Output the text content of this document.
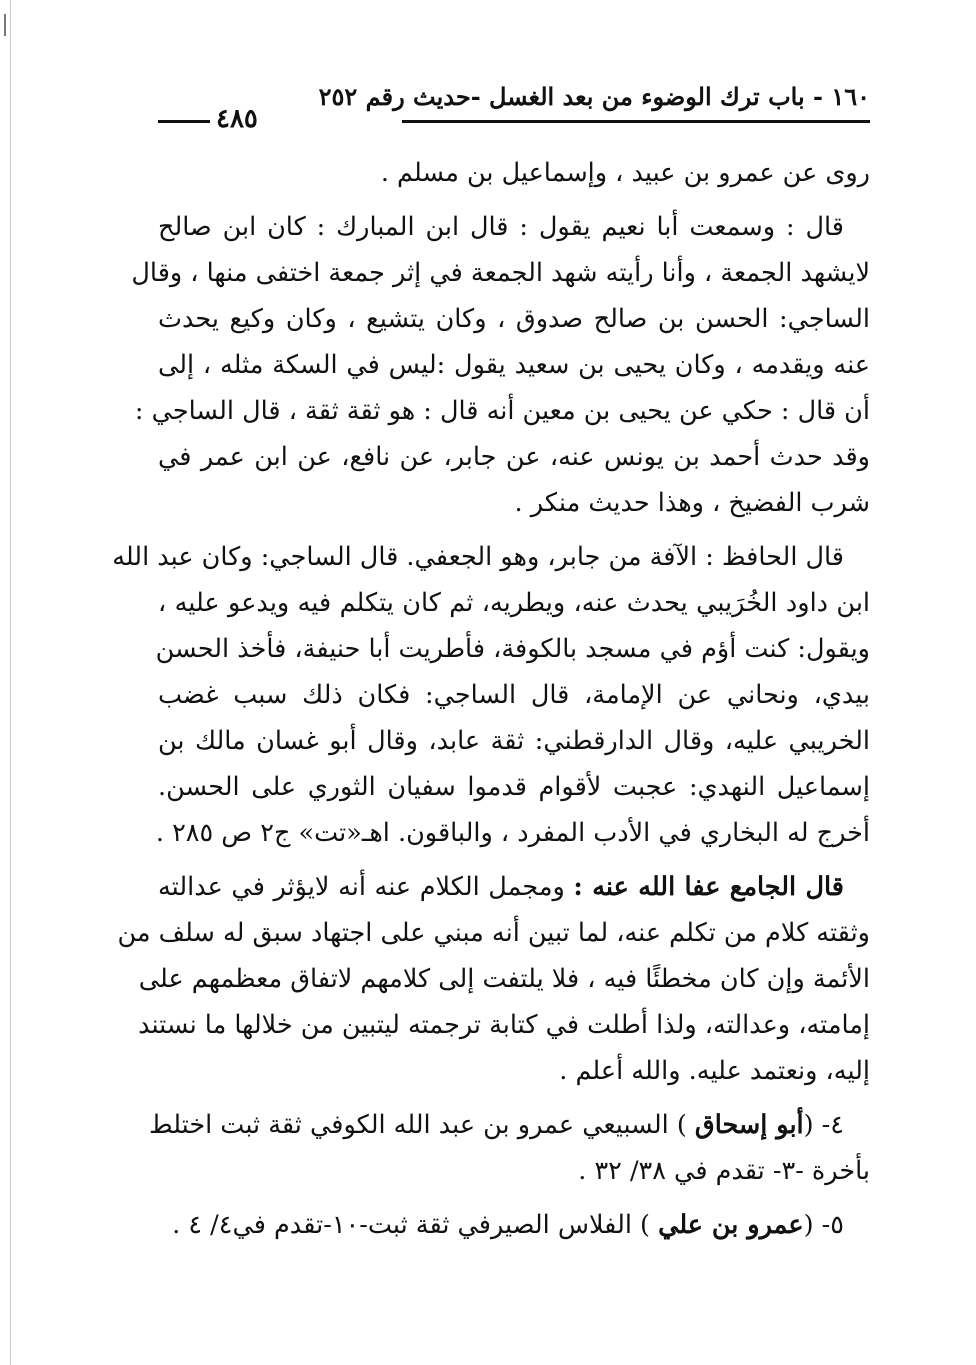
١٦٠ - باب ترك الوضوء من بعد الغسل -حديث رقم ٢٥٢
٤٨٥

روى عن عمرو بن عبيد ، وإسماعيل بن مسلم .

قال : وسمعت أبا نعيم يقول : قال ابن المبارك : كان ابن صالح
لايشهد الجمعة ، وأنا رأيته شهد الجمعة في إثر جمعة اختفى منها ، وقال
الساجي: الحسن بن صالح صدوق ، وكان يتشيع ، وكان وكيع يحدث
عنه ويقدمه ، وكان يحيى بن سعيد يقول :ليس في السكة مثله ، إلى
أن قال : حكي عن يحيى بن معين أنه قال : هو ثقة ثقة ، قال الساجي :
وقد حدث أحمد بن يونس عنه، عن جابر، عن نافع، عن ابن عمر في
شرب الفضيخ ، وهذا حديث منكر .

قال الحافظ : الآفة من جابر، وهو الجعفي. قال الساجي: وكان عبد الله
ابن داود الخُرَيبي يحدث عنه، ويطريه، ثم كان يتكلم فيه ويدعو عليه ،
ويقول: كنت أؤم في مسجد بالكوفة، فأطريت أبا حنيفة، فأخذ الحسن
بيدي، ونحاني عن الإمامة، قال الساجي: فكان ذلك سبب غضب
الخريبي عليه، وقال الدارقطني: ثقة عابد، وقال أبو غسان مالك بن
إسماعيل النهدي: عجبت لأقوام قدموا سفيان الثوري على الحسن.
أخرج له البخاري في الأدب المفرد ، والباقون. اهـ«تت» ج٢ ص ٢٨٥ .

قال الجامع عفا الله عنه : ومجمل الكلام عنه أنه لايؤثر في عدالته
وثقته كلام من تكلم عنه، لما تبين أنه مبني على اجتهاد سبق له سلف من
الأئمة وإن كان مخطئًا فيه ، فلا يلتفت إلى كلامهم لاتفاق معظمهم على
إمامته، وعدالته، ولذا أطلت في كتابة ترجمته ليتبين من خلالها ما نستند
إليه، ونعتمد عليه. والله أعلم .

٤- (أبو إسحاق ) السبيعي عمرو بن عبد الله الكوفي ثقة ثبت اختلط
بأخرة -٣- تقدم في ٣٨/ ٣٢ .

٥- (عمرو بن علي ) الفلاس الصيرفي ثقة ثبت-١٠-تقدم في٤/ ٤ .
